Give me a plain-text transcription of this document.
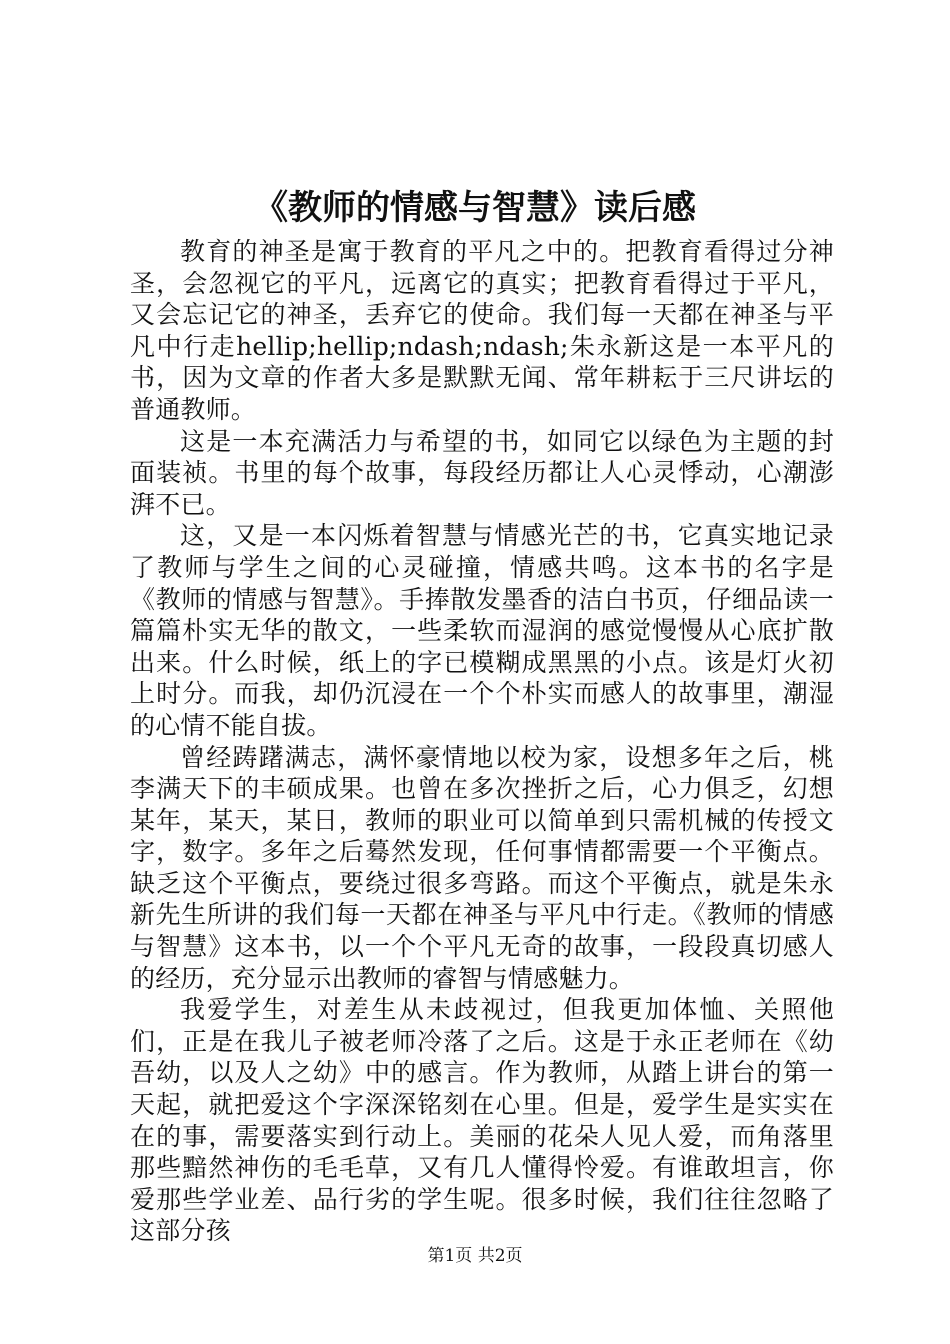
《教师的情感与智慧》读后感

教育的神圣是寓于教育的平凡之中的。把教育看得过分神圣，会忽视它的平凡，远离它的真实；把教育看得过于平凡，又会忘记它的神圣，丢弃它的使命。我们每一天都在神圣与平凡中行走hellip;hellip;ndash;ndash;朱永新这是一本平凡的书，因为文章的作者大多是默默无闻、常年耕耘于三尺讲坛的普通教师。

这是一本充满活力与希望的书，如同它以绿色为主题的封面装祯。书里的每个故事，每段经历都让人心灵悸动，心潮澎湃不已。

这，又是一本闪烁着智慧与情感光芒的书，它真实地记录了教师与学生之间的心灵碰撞，情感共鸣。这本书的名字是《教师的情感与智慧》。手捧散发墨香的洁白书页，仔细品读一篇篇朴实无华的散文，一些柔软而湿润的感觉慢慢从心底扩散出来。什么时候，纸上的字已模糊成黑黑的小点。该是灯火初上时分。而我，却仍沉浸在一个个朴实而感人的故事里，潮湿的心情不能自拔。

曾经踌躇满志，满怀豪情地以校为家，设想多年之后，桃李满天下的丰硕成果。也曾在多次挫折之后，心力俱乏，幻想某年，某天，某日，教师的职业可以简单到只需机械的传授文字，数字。多年之后蓦然发现，任何事情都需要一个平衡点。缺乏这个平衡点，要绕过很多弯路。而这个平衡点，就是朱永新先生所讲的我们每一天都在神圣与平凡中行走。《教师的情感与智慧》这本书，以一个个平凡无奇的故事，一段段真切感人的经历，充分显示出教师的睿智与情感魅力。

我爱学生，对差生从未歧视过，但我更加体恤、关照他们，正是在我儿子被老师冷落了之后。这是于永正老师在《幼吾幼，以及人之幼》中的感言。作为教师，从踏上讲台的第一天起，就把爱这个字深深铭刻在心里。但是，爱学生是实实在在的事，需要落实到行动上。美丽的花朵人见人爱，而角落里那些黯然神伤的毛毛草，又有几人懂得怜爱。有谁敢坦言，你爱那些学业差、品行劣的学生呢。很多时候，我们往往忽略了这部分孩

第1页 共2页
